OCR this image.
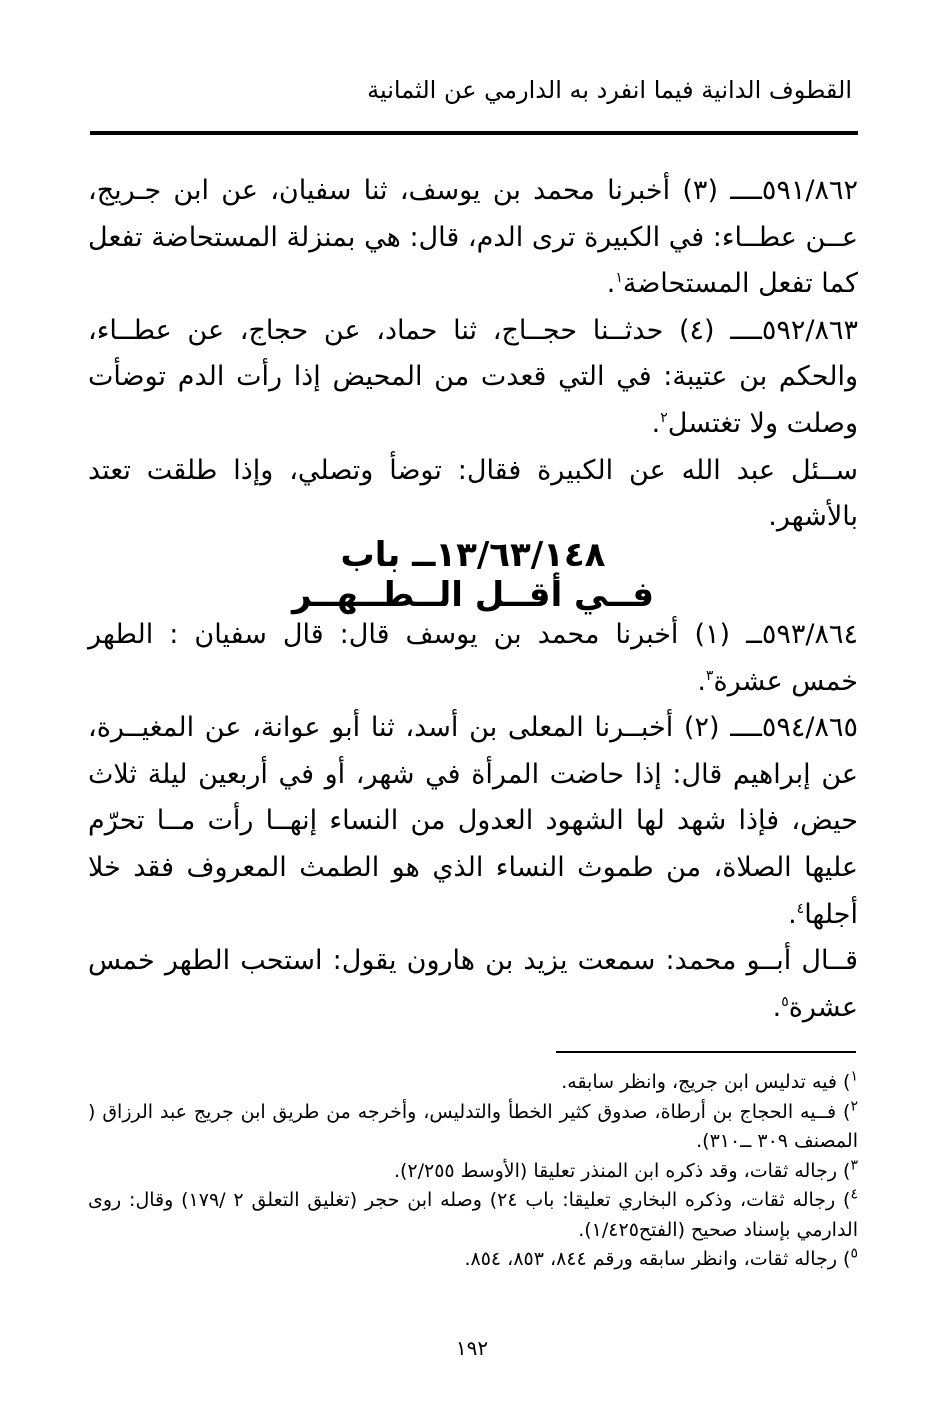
القطوف الدانية فيما انفرد به الدارمي عن الثمانية

٥٩١/٨٦٢ــــ (٣) أخبرنا محمد بن يوسف، ثنا سفيان، عن ابن جـريج، عــن عطــاء: في الكبيرة ترى الدم، قال: هي بمنزلة المستحاضة تفعل كما تفعل المستحاضة$^١$.

٥٩٢/٨٦٣ــــ (٤) حدثــنا حجــاج، ثنا حماد، عن حجاج، عن عطــاء، والحكم بن عتيبة: في التي قعدت من المحيض إذا رأت الدم توضأت وصلت ولا تغتسل$^٢$.

ســئل عبد الله عن الكبيرة فقال: توضأ وتصلي، وإذا طلقت تعتد بالأشهر.

١٣/٦٣/١٤٨ــ باب
فــي أقــل الــطــهــر

٥٩٣/٨٦٤ــ (١) أخبرنا محمد بن يوسف قال: قال سفيان : الطهر خمس عشرة$^٣$.

٥٩٤/٨٦٥ــــ (٢) أخبــرنا المعلى بن أسد، ثنا أبو عوانة، عن المغيــرة، عن إبراهيم قال: إذا حاضت المرأة في شهر، أو في أربعين ليلة ثلاث حيض، فإذا شهد لها الشهود العدول من النساء إنهــا رأت مــا تحرّم عليها الصلاة، من طموث النساء الذي هو الطمث المعروف فقد خلا أجلها$^٤$.

قــال أبــو محمد: سمعت يزيد بن هارون يقول: استحب الطهر خمس عشرة$^٥$.

$^١$) فيه تدليس ابن جريج، وانظر سابقه.

$^٢$) فــيه الحجاج بن أرطاة، صدوق كثير الخطأ والتدليس، وأخرجه من طريق ابن جريج عبد الرزاق ( المصنف ٣٠٩ ــ٣١٠).

$^٣$) رجاله ثقات، وقد ذكره ابن المنذر تعليقا (الأوسط ٢/٢٥٥).

$^٤$) رجاله ثقات، وذكره البخاري تعليقا: باب ٢٤) وصله ابن حجر (تغليق التعلق ٢ /١٧٩) وقال: روى الدارمي بإسناد صحيح (الفتح١/٤٢٥).

$^٥$) رجاله ثقات، وانظر سابقه ورقم ٨٤٤، ٨٥٣، ٨٥٤.

١٩٢
